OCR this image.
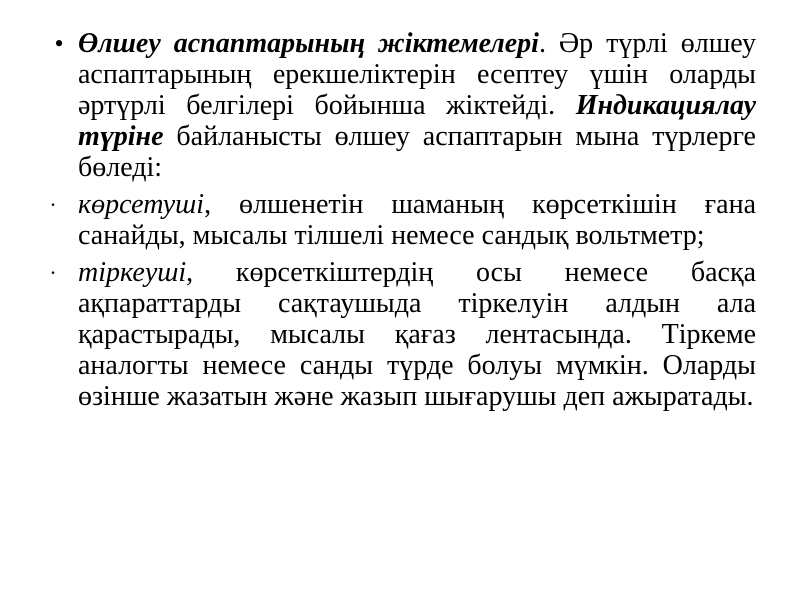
• Өлшеу аспаптарының жіктемелері. Әр түрлі өлшеу аспаптарының ерекшеліктерін есептеу үшін оларды әртүрлі белгілері бойынша жіктейді. Индикациялау түріне байланысты өлшеу аспаптарын мына түрлерге бөледі:
· көрсетуші, өлшенетін шаманың көрсеткішін ғана санайды, мысалы тілшелі немесе сандық вольтметр;
· тіркеуші, көрсеткіштердің осы немесе басқа ақпараттарды сақтаушыда тіркелуін алдын ала қарастырады, мысалы қағаз лентасында. Тіркеме аналогты немесе санды түрде болуы мүмкін. Оларды өзінше жазатын және жазып шығарушы деп ажыратады.
